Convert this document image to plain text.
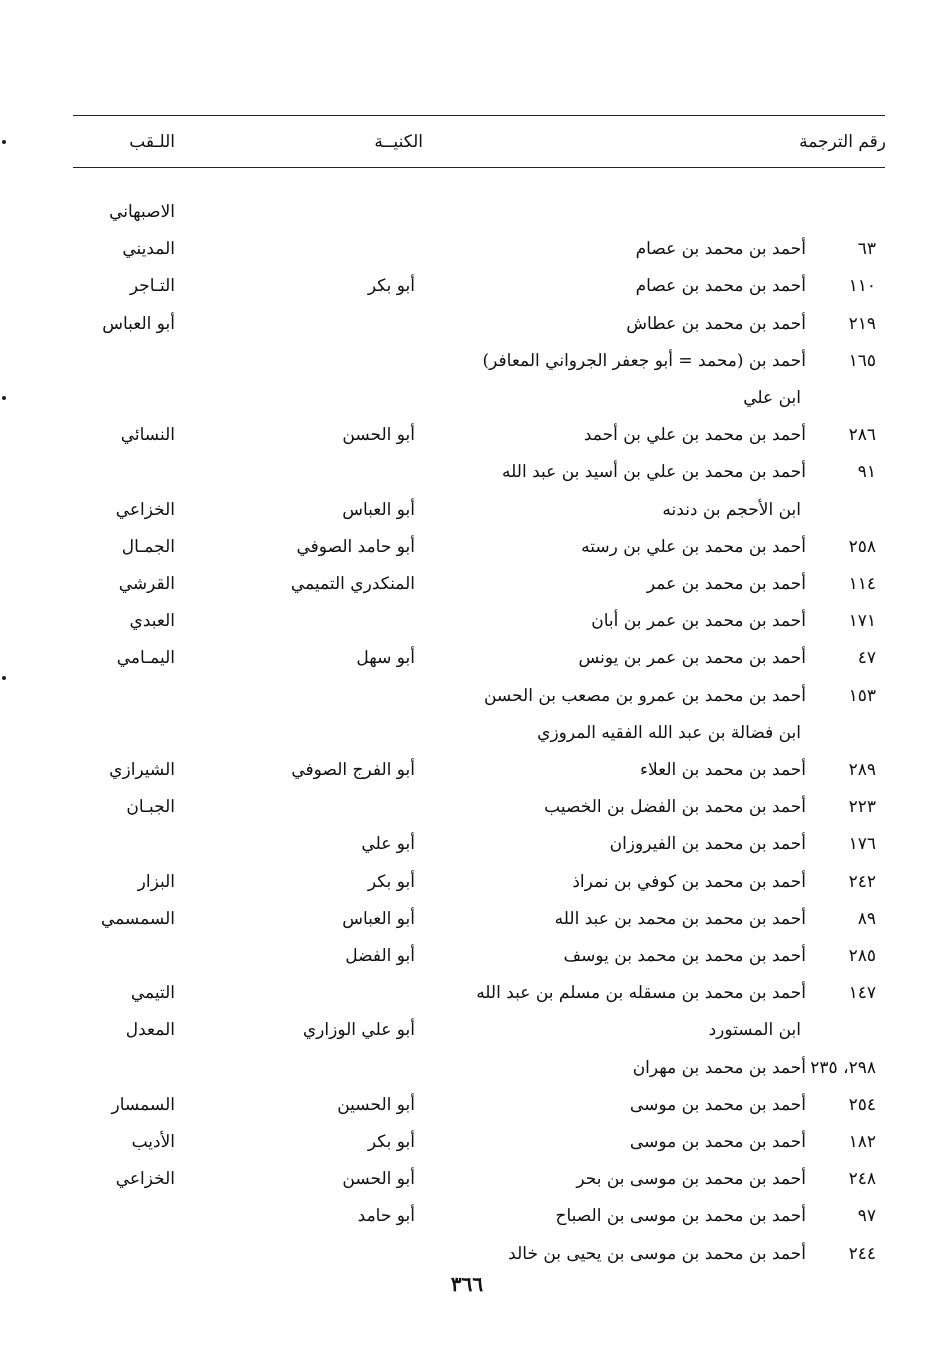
اللـقب	الكنيــة	رقم الترجمة
الاصبهاني
٦٣
أحمد بن محمد بن عصام
المديني
١١٠
أحمد بن محمد بن عصام
أبو بكر
التـاجر
٢١٩
أحمد بن محمد بن عطاش
أبو العباس
١٦٥
أحمد بن (محمد = أبو جعفر الجرواني المعافر)
ابن علي
٢٨٦
أحمد بن محمد بن علي بن أحمد
أبو الحسن
النسائي
٩١
أحمد بن محمد بن علي بن أسيد بن عبد الله
ابن الأحجم بن دندنه
أبو العباس
الخزاعي
٢٥٨
أحمد بن محمد بن علي بن رسته
أبو حامد الصوفي
الجمـال
١١٤
أحمد بن محمد بن عمر
المنكدري التميمي
القرشي
١٧١
أحمد بن محمد بن عمر بن أبان
العبدي
٤٧
أحمد بن محمد بن عمر بن يونس
أبو سهل
اليمـامي
١٥٣
أحمد بن محمد بن عمرو بن مصعب بن الحسن
ابن فضالة بن عبد الله الفقيه المروزي
٢٨٩
أحمد بن محمد بن العلاء
أبو الفرج الصوفي
الشيرازي
٢٢٣
أحمد بن محمد بن الفضل بن الخصيب
الجبـان
١٧٦
أحمد بن محمد بن الفيروزان
أبو علي
٢٤٢
أحمد بن محمد بن كوفي بن نمراذ
أبو بكر
البزار
٨٩
أحمد بن محمد بن محمد بن عبد الله
أبو العباس
السمسمي
٢٨٥
أحمد بن محمد بن محمد بن يوسف
أبو الفضل
١٤٧
أحمد بن محمد بن مسقله بن مسلم بن عبد الله
التيمي
ابن المستورد
أبو علي الوزاري
المعدل
٢٩٨، ٢٣٥
أحمد بن محمد بن مهران
٢٥٤
أحمد بن محمد بن موسى
أبو الحسين
السمسار
١٨٢
أحمد بن محمد بن موسى
أبو بكر
الأديب
٢٤٨
أحمد بن محمد بن موسى بن بحر
أبو الحسن
الخزاعي
٩٧
أحمد بن محمد بن موسى بن الصباح
أبو حامد
٢٤٤
أحمد بن محمد بن موسى بن يحيى بن خالد
٣٦٦
